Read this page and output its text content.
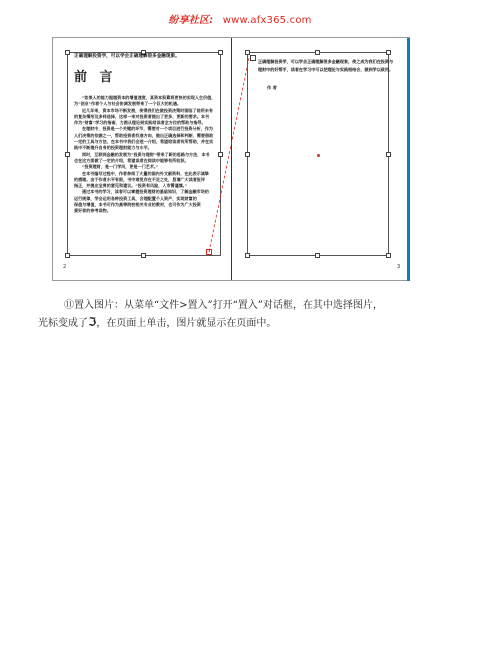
纷享社区: www.afx365.com
+
2
正确理解投资学，可以学会正确理解很多金融现象。
前 言
“如果人的能力超越资本的增值速度，其资本积累将更快的实现人生价值，
为“创业”作者个人与社会协调发展带来了一个巨大的机遇。
近几年来，资本市场不断发展，使得我们在做投资决策时面临了前所未有
的复杂情形及多样选择，这样一来对投资者提出了更多、更新的要求。本书
作为“财富”学习的指南，力图从理论到实践给读者全方位的帮助与指导。
在理财中，投资是一个关键的环节，需要对一个项目进行投资分析，作为
人们决策的依据之一，帮助投资者找准方向，做出正确选择和判断，需要借助
一定的工具与方法，在本书中我们会逐一介绍，希望给读者有所帮助，并在实
践中不断提升自身的投资理财能力与水平。
同时，互联网金融的发展为“投资与理财”带来了新的思路与方法，本书
也在这方面做了一定的介绍，希望读者在阅读中能够有所收获。
“投资理财，是一门学问，更是一门艺术。”
在本书编写过程中，作者参阅了大量的国内外文献资料，在此表示诚挚
的感谢。由于作者水平有限，书中难免存在不足之处，恳请广大读者批评
指正，并提出宝贵的意见和建议。“投资有风险，入市需谨慎。”
通过本书的学习，读者可以掌握投资理财的基础知识，了解金融市场的
运行规律，学会运用各种投资工具，合理配置个人资产，实现财富的
保值与增值，本书可作为高等院校相关专业的教材，也可作为广大投资
爱好者的参考读物。
3
正确理解投资学，可以学会正确理解很多金融现象，使之成为我们在投资与
理财中的好帮手，读者在学习中可以把理论与实践相结合，做到学以致用。
作 者
⑪置入图片：从菜单“文件>置入”打开“置入”对话框，在其中选择图片，
光标变成了ℑ，在页面上单击，图片就显示在页面中。
